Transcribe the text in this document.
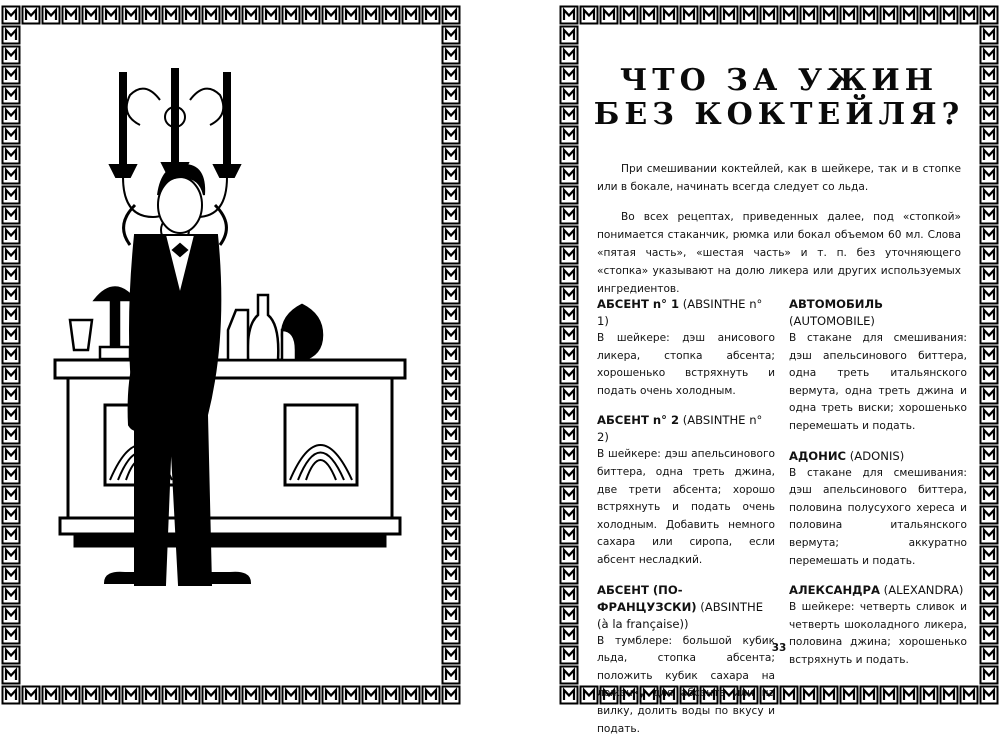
ЧТО ЗА УЖИН
БЕЗ КОКТЕЙЛЯ?

При смешивании коктейлей, как в шейкере, так и в стопке или в бокале, начинать всегда следует со льда.

Во всех рецептах, приведенных далее, под «стопкой» понимается стаканчик, рюмка или бокал объемом 60 мл. Слова «пятая часть», «шестая часть» и т. п. без уточняющего «стопка» указывают на долю ликера или других используемых ингредиентов.

АБСЕНТ n° 1 (ABSINTHE n° 1)
В шейкере: дэш анисового ликера, стопка абсента; хорошенько встряхнуть и подать очень холодным.
АБСЕНТ n° 2 (ABSINTHE n° 2)
В шейкере: дэш апельсинового биттера, одна треть джина, две трети абсента; хорошо встряхнуть и подать очень холодным. Добавить немного сахара или сиропа, если абсент несладкий.
АБСЕНТ (ПО-ФРАНЦУЗСКИ) (ABSINTHE (à la française))
В тумблере: большой кубик льда, стопка абсента; положить кубик сахара на ложечку для абсента или на вилку, долить воды по вкусу и подать.
АВТОМОБИЛЬ (AUTOMOBILE)
В стакане для смешивания: дэш апельсинового биттера, одна треть итальянского вермута, одна треть джина и одна треть виски; хорошенько перемешать и подать.
АДОНИС (ADONIS)
В стакане для смешивания: дэш апельсинового биттера, половина полусухого хереса и половина итальянского вермута; аккуратно перемешать и подать.
АЛЕКСАНДРА (ALEXANDRA)
В шейкере: четверть сливок и четверть шоколадного ликера, половина джина; хорошенько встряхнуть и подать.
33
